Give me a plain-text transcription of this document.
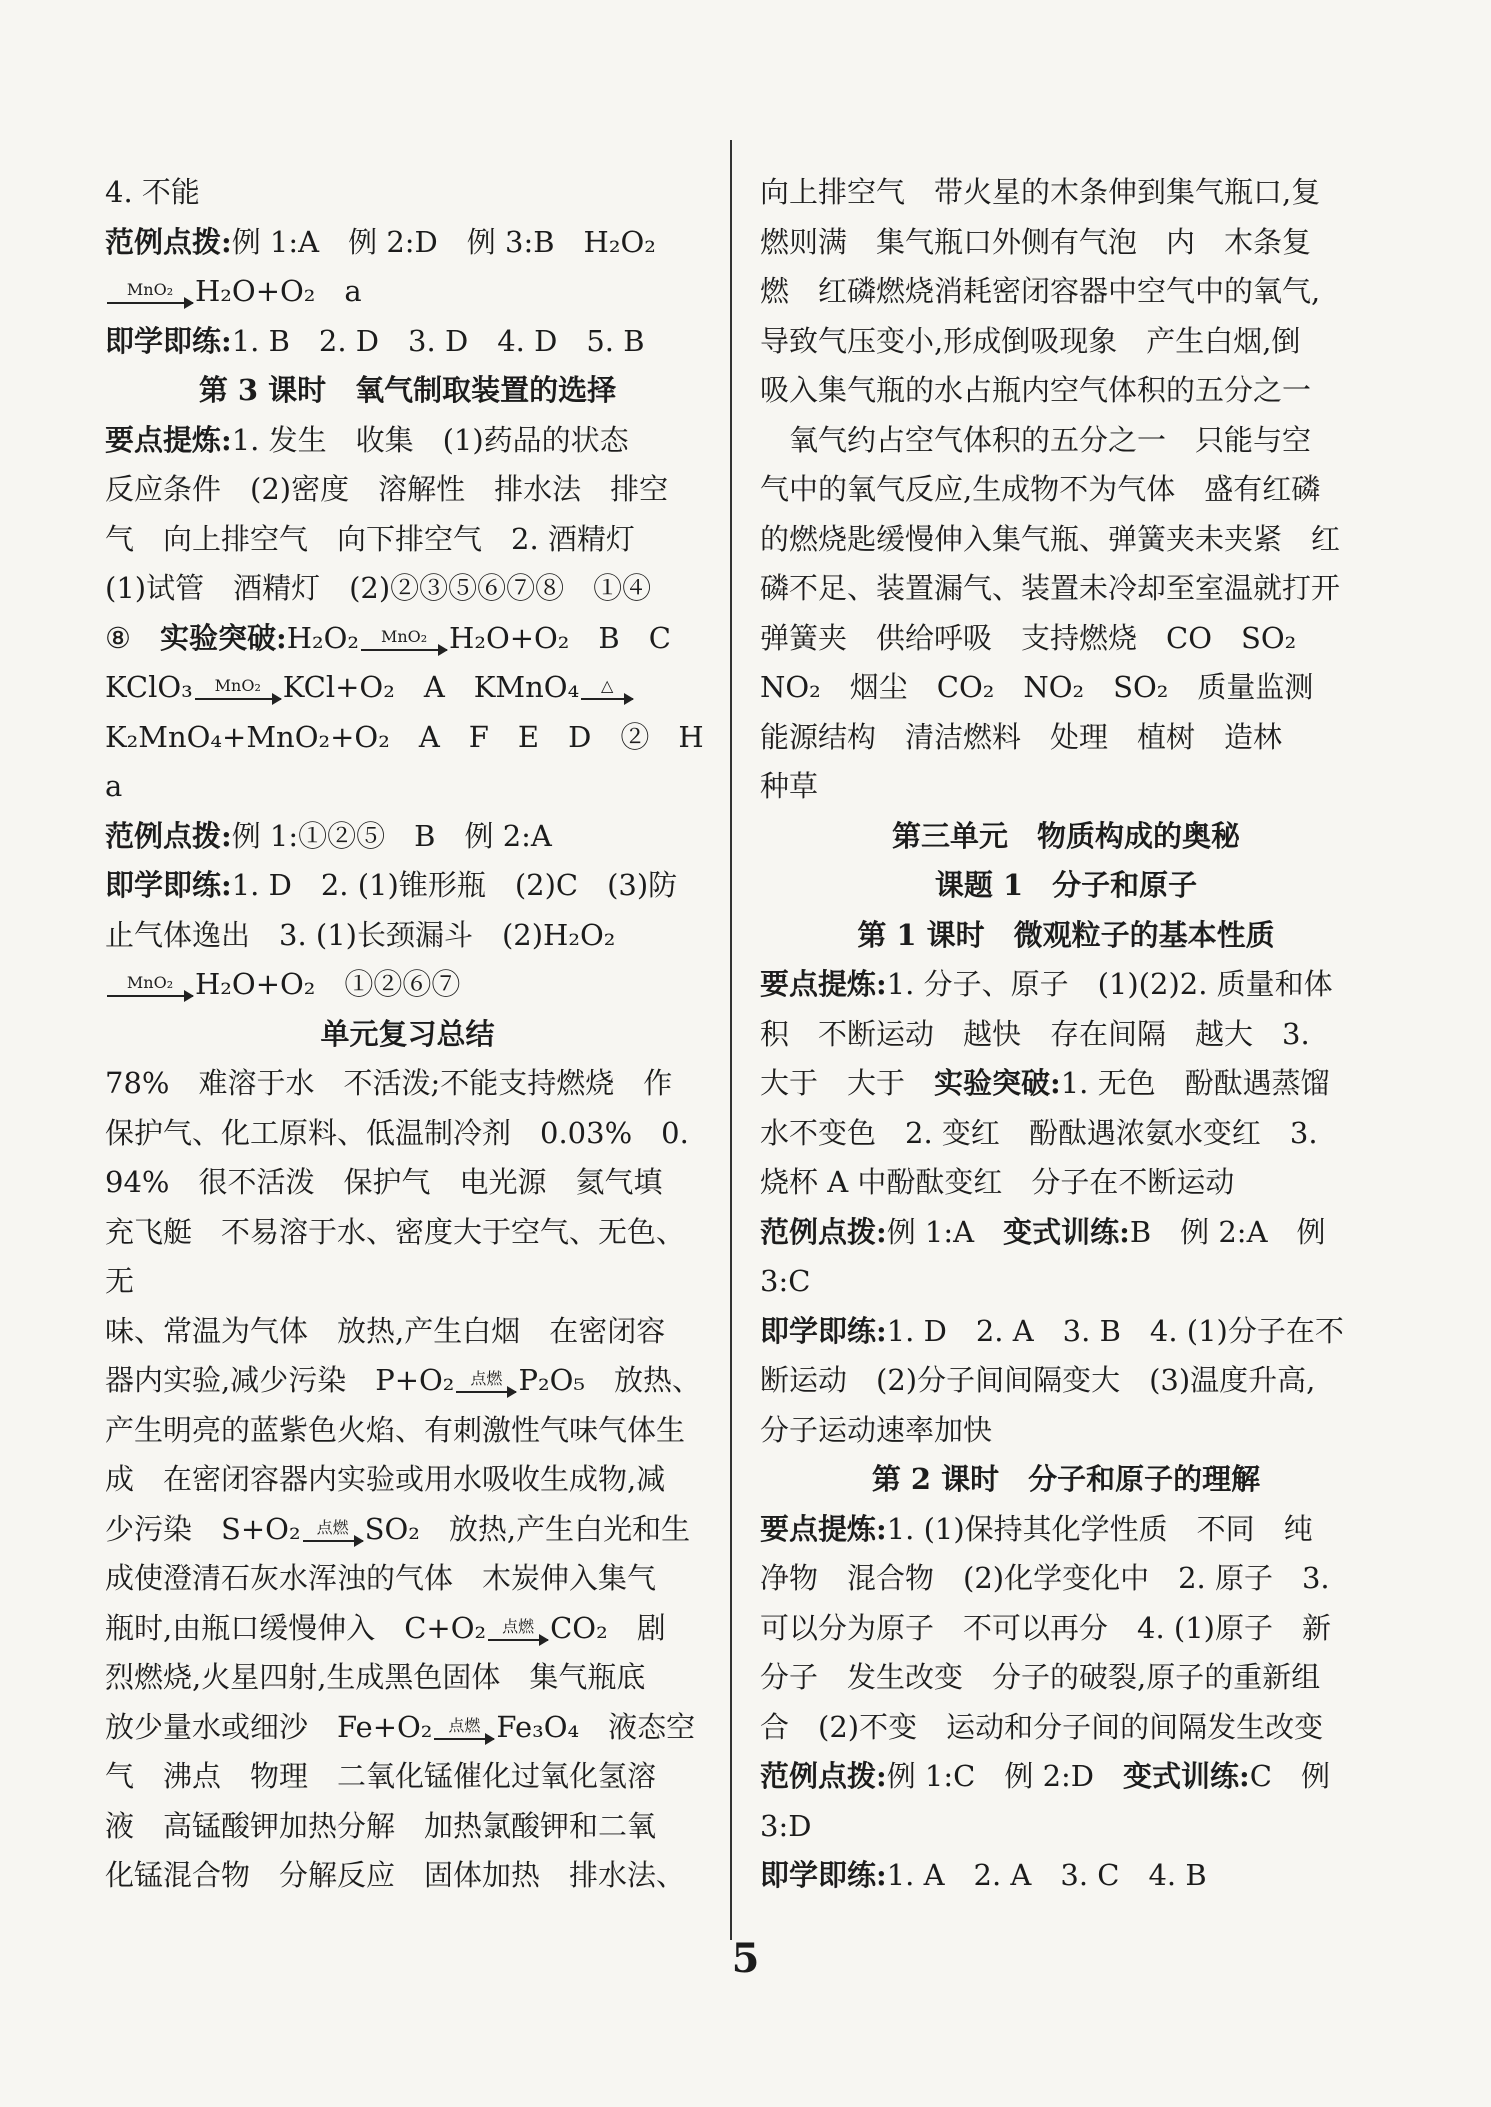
4. 不能

范例点拨:例 1:A　例 2:D　例 3:B　H₂O₂

MnO₂ H₂O+O₂　a

即学即练:1. B　2. D　3. D　4. D　5. B

第 3 课时　氧气制取装置的选择

要点提炼:1. 发生　收集　(1)药品的状态

反应条件　(2)密度　溶解性　排水法　排空

气　向上排空气　向下排空气　2. 酒精灯

(1)试管　酒精灯　(2)②③⑤⑥⑦⑧　①④

⑧　实验突破:H₂O₂	MnO₂ H₂O+O₂　B　C

KClO₃	MnO₂ KCl+O₂　A　KMnO₄	△

K₂MnO₄+MnO₂+O₂　A　F　E　D　②　H

a

范例点拨:例 1:①②⑤　B　例 2:A

即学即练:1. D　2. (1)锥形瓶　(2)C　(3)防

止气体逸出　3. (1)长颈漏斗　(2)H₂O₂

MnO₂ H₂O+O₂　①②⑥⑦

单元复习总结

78%　难溶于水　不活泼;不能支持燃烧　作

保护气、化工原料、低温制冷剂　0.03%　0.

94%　很不活泼　保护气　电光源　氦气填

充飞艇　不易溶于水、密度大于空气、无色、无

味、常温为气体　放热,产生白烟　在密闭容

器内实验,减少污染　P+O₂ 点燃 P₂O₅　放热、

产生明亮的蓝紫色火焰、有刺激性气味气体生

成　在密闭容器内实验或用水吸收生成物,减

少污染　S+O₂ 点燃 SO₂　放热,产生白光和生

成使澄清石灰水浑浊的气体　木炭伸入集气

瓶时,由瓶口缓慢伸入　C+O₂ 点燃 CO₂　剧

烈燃烧,火星四射,生成黑色固体　集气瓶底

放少量水或细沙　Fe+O₂ 点燃 Fe₃O₄　液态空

气　沸点　物理　二氧化锰催化过氧化氢溶

液　高锰酸钾加热分解　加热氯酸钾和二氧

化锰混合物　分解反应　固体加热　排水法、

向上排空气　带火星的木条伸到集气瓶口,复

燃则满　集气瓶口外侧有气泡　内　木条复

燃　红磷燃烧消耗密闭容器中空气中的氧气,

导致气压变小,形成倒吸现象　产生白烟,倒

吸入集气瓶的水占瓶内空气体积的五分之一

　氧气约占空气体积的五分之一　只能与空

气中的氧气反应,生成物不为气体　盛有红磷

的燃烧匙缓慢伸入集气瓶、弹簧夹未夹紧　红

磷不足、装置漏气、装置未冷却至室温就打开

弹簧夹　供给呼吸　支持燃烧　CO　SO₂

NO₂　烟尘　CO₂　NO₂　SO₂　质量监测

能源结构　清洁燃料　处理　植树　造林

种草

第三单元　物质构成的奥秘

课题 1　分子和原子

第 1 课时　微观粒子的基本性质

要点提炼:1. 分子、原子　(1)(2)2. 质量和体

积　不断运动　越快　存在间隔　越大　3.

大于　大于　实验突破:1. 无色　酚酞遇蒸馏

水不变色　2. 变红　酚酞遇浓氨水变红　3.

烧杯 A 中酚酞变红　分子在不断运动

范例点拨:例 1:A　变式训练:B　例 2:A　例

3:C

即学即练:1. D　2. A　3. B　4. (1)分子在不

断运动　(2)分子间间隔变大　(3)温度升高,

分子运动速率加快

第 2 课时　分子和原子的理解

要点提炼:1. (1)保持其化学性质　不同　纯

净物　混合物　(2)化学变化中　2. 原子　3.

可以分为原子　不可以再分　4. (1)原子　新

分子　发生改变　分子的破裂,原子的重新组

合　(2)不变　运动和分子间的间隔发生改变

范例点拨:例 1:C　例 2:D　变式训练:C　例

3:D

即学即练:1. A　2. A　3. C　4. B

5
